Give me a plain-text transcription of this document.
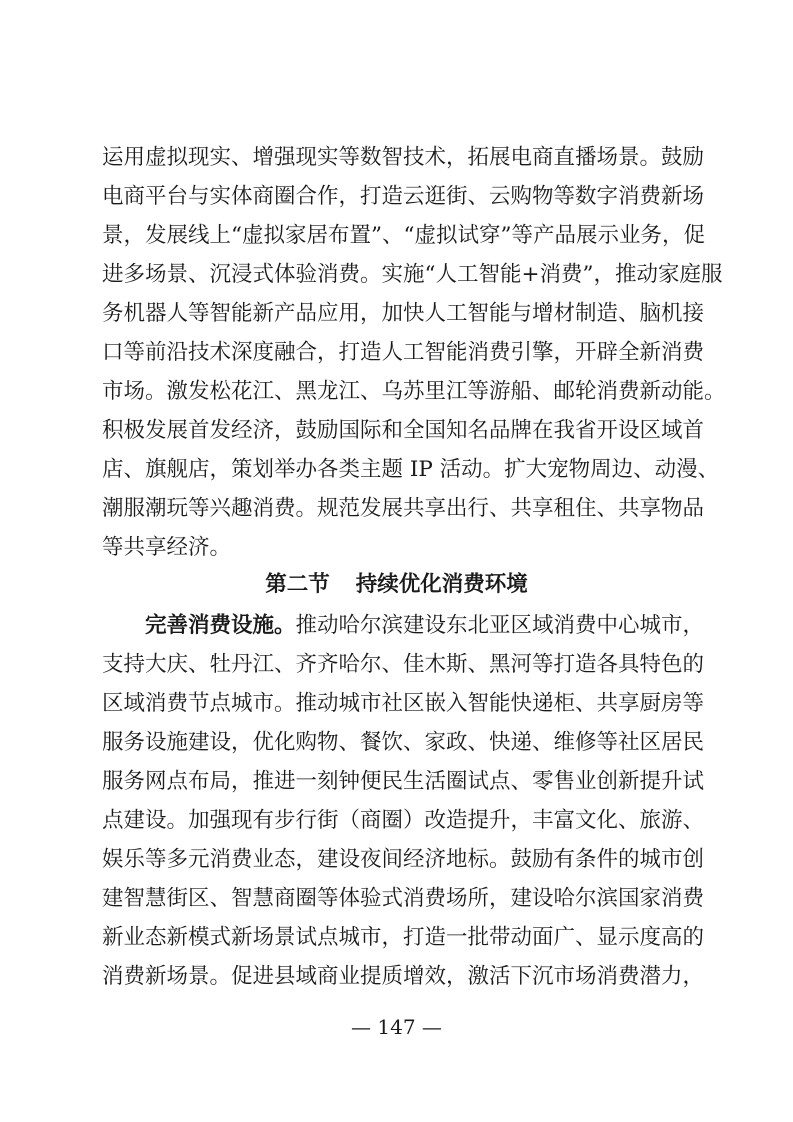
运用虚拟现实、增强现实等数智技术，拓展电商直播场景。鼓励
电商平台与实体商圈合作，打造云逛街、云购物等数字消费新场
景，发展线上“虚拟家居布置”、“虚拟试穿”等产品展示业务，促
进多场景、沉浸式体验消费。实施“人工智能+消费”，推动家庭服
务机器人等智能新产品应用，加快人工智能与增材制造、脑机接
口等前沿技术深度融合，打造人工智能消费引擎，开辟全新消费
市场。激发松花江、黑龙江、乌苏里江等游船、邮轮消费新动能。
积极发展首发经济，鼓励国际和全国知名品牌在我省开设区域首
店、旗舰店，策划举办各类主题 IP 活动。扩大宠物周边、动漫、
潮服潮玩等兴趣消费。规范发展共享出行、共享租住、共享物品
等共享经济。
第二节 持续优化消费环境
完善消费设施。推动哈尔滨建设东北亚区域消费中心城市，
支持大庆、牡丹江、齐齐哈尔、佳木斯、黑河等打造各具特色的
区域消费节点城市。推动城市社区嵌入智能快递柜、共享厨房等
服务设施建设，优化购物、餐饮、家政、快递、维修等社区居民
服务网点布局，推进一刻钟便民生活圈试点、零售业创新提升试
点建设。加强现有步行街（商圈）改造提升，丰富文化、旅游、
娱乐等多元消费业态，建设夜间经济地标。鼓励有条件的城市创
建智慧街区、智慧商圈等体验式消费场所，建设哈尔滨国家消费
新业态新模式新场景试点城市，打造一批带动面广、显示度高的
消费新场景。促进县域商业提质增效，激活下沉市场消费潜力，
— 147 —
